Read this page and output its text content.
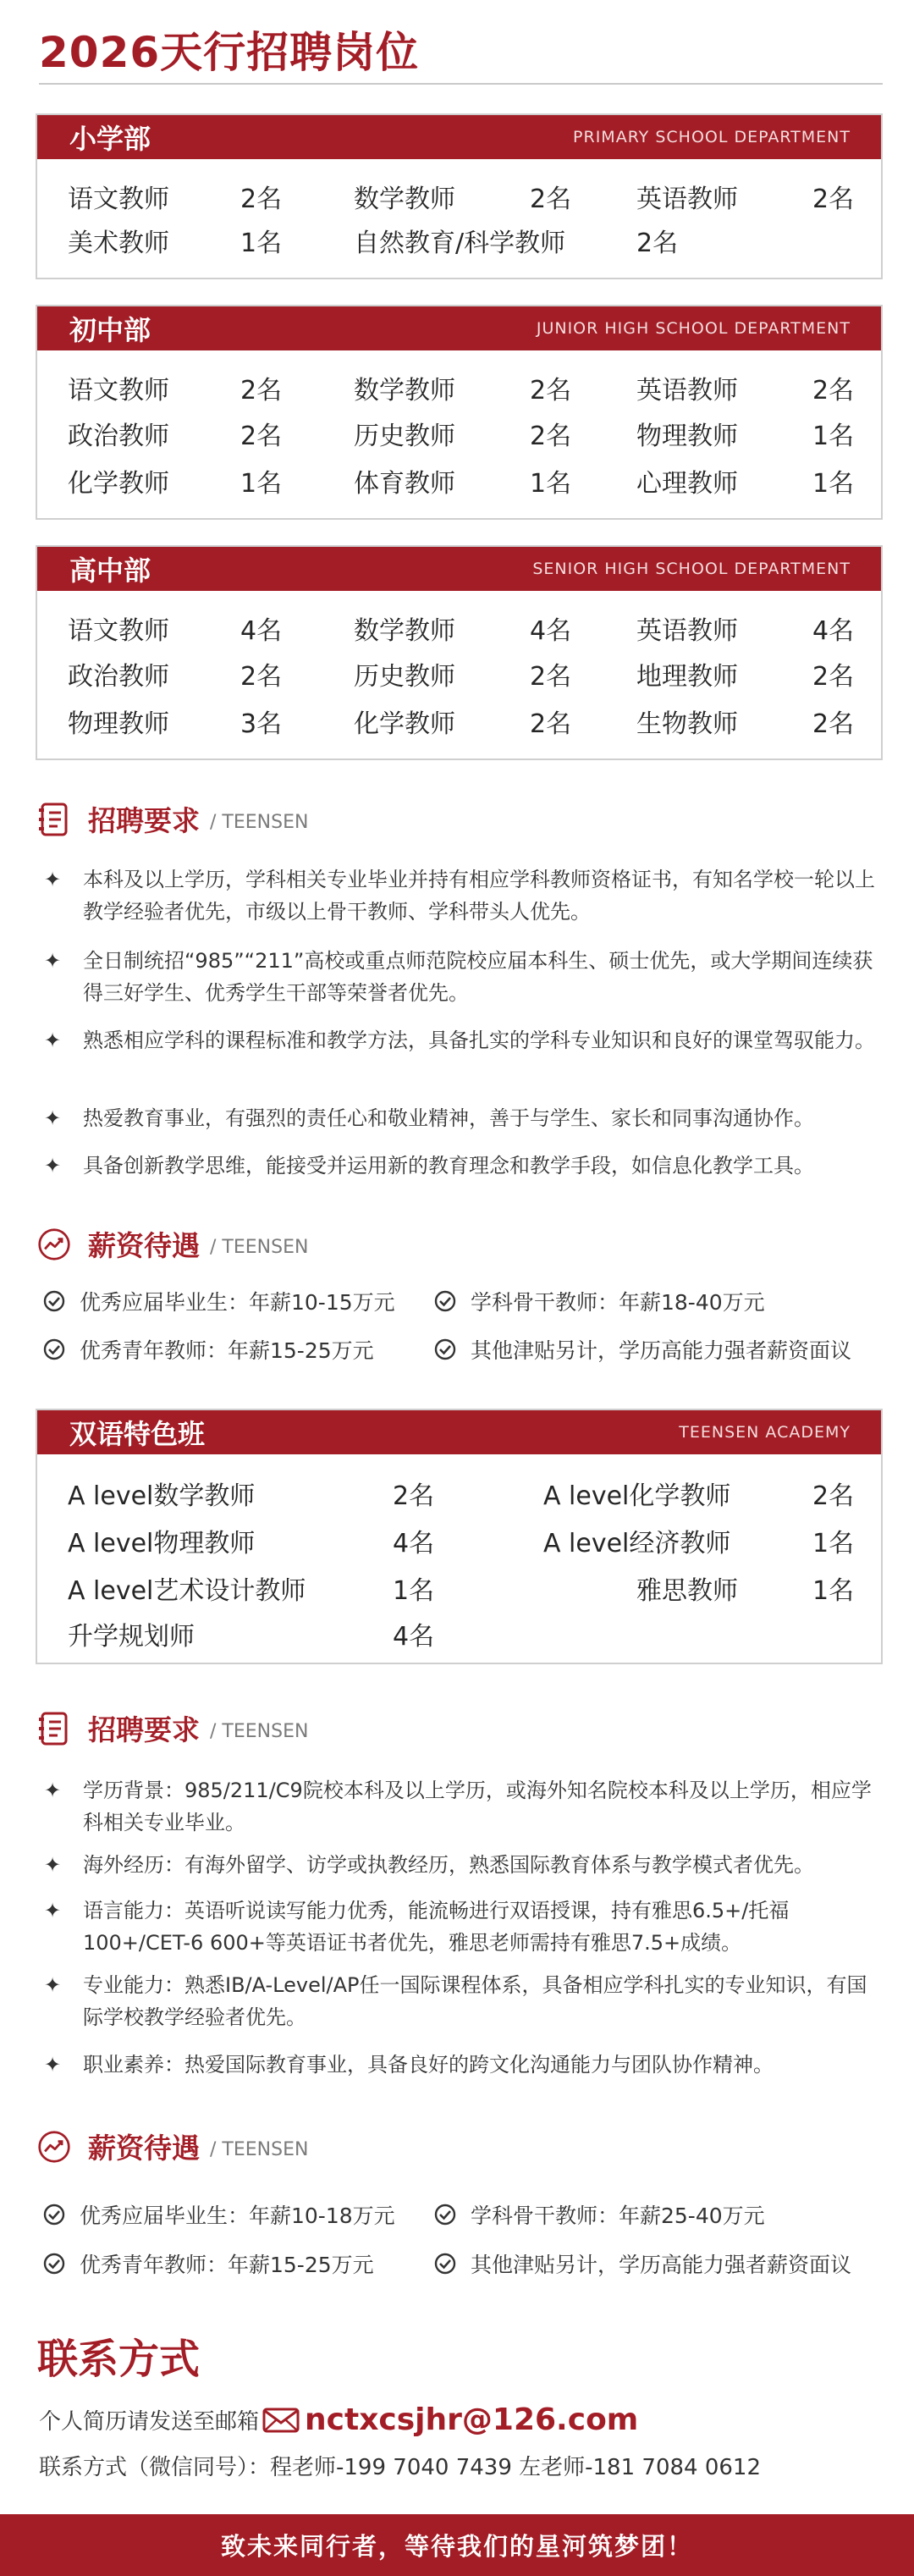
2026天行招聘岗位
小学部	PRIMARY SCHOOL DEPARTMENT
语文教师	2名	数学教师	2名	英语教师	2名
美术教师	1名	自然教育/科学教师	2名
初中部	JUNIOR HIGH SCHOOL DEPARTMENT
语文教师	2名	数学教师	2名	英语教师	2名
政治教师	2名	历史教师	2名	物理教师	1名
化学教师	1名	体育教师	1名	心理教师	1名
高中部	SENIOR HIGH SCHOOL DEPARTMENT
语文教师	4名	数学教师	4名	英语教师	4名
政治教师	2名	历史教师	2名	地理教师	2名
物理教师	3名	化学教师	2名	生物教师	2名
招聘要求 / TEENSEN
✦	本科及以上学历，学科相关专业毕业并持有相应学科教师资格证书，有知名学校一轮以上教学经验者优先，市级以上骨干教师、学科带头人优先。
✦	全日制统招“985”“211”高校或重点师范院校应届本科生、硕士优先，或大学期间连续获得三好学生、优秀学生干部等荣誉者优先。
✦	熟悉相应学科的课程标准和教学方法，具备扎实的学科专业知识和良好的课堂驾驭能力。
✦	热爱教育事业，有强烈的责任心和敬业精神，善于与学生、家长和同事沟通协作。
✦	具备创新教学思维，能接受并运用新的教育理念和教学手段，如信息化教学工具。
薪资待遇 / TEENSEN
优秀应届毕业生：年薪10-15万元	学科骨干教师：年薪18-40万元
优秀青年教师：年薪15-25万元	其他津贴另计，学历高能力强者薪资面议
双语特色班	TEENSEN ACADEMY
A level数学教师	2名	A level化学教师	2名
A level物理教师	4名	A level经济教师	1名
A level艺术设计教师	1名	雅思教师	1名
升学规划师	4名
招聘要求 / TEENSEN
✦	学历背景：985/211/C9院校本科及以上学历，或海外知名院校本科及以上学历，相应学科相关专业毕业。
✦	海外经历：有海外留学、访学或执教经历，熟悉国际教育体系与教学模式者优先。
✦	语言能力：英语听说读写能力优秀，能流畅进行双语授课，持有雅思6.5+/托福100+/CET-6 600+等英语证书者优先，雅思老师需持有雅思7.5+成绩。
✦	专业能力：熟悉IB/A-Level/AP任一国际课程体系，具备相应学科扎实的专业知识，有国际学校教学经验者优先。
✦	职业素养：热爱国际教育事业，具备良好的跨文化沟通能力与团队协作精神。
薪资待遇 / TEENSEN
优秀应届毕业生：年薪10-18万元	学科骨干教师：年薪25-40万元
优秀青年教师：年薪15-25万元	其他津贴另计，学历高能力强者薪资面议
联系方式
个人简历请发送至邮箱 nctxcsjhr@126.com
联系方式（微信同号）：程老师-199 7040 7439 左老师-181 7084 0612
致未来同行者，等待我们的星河筑梦团！
